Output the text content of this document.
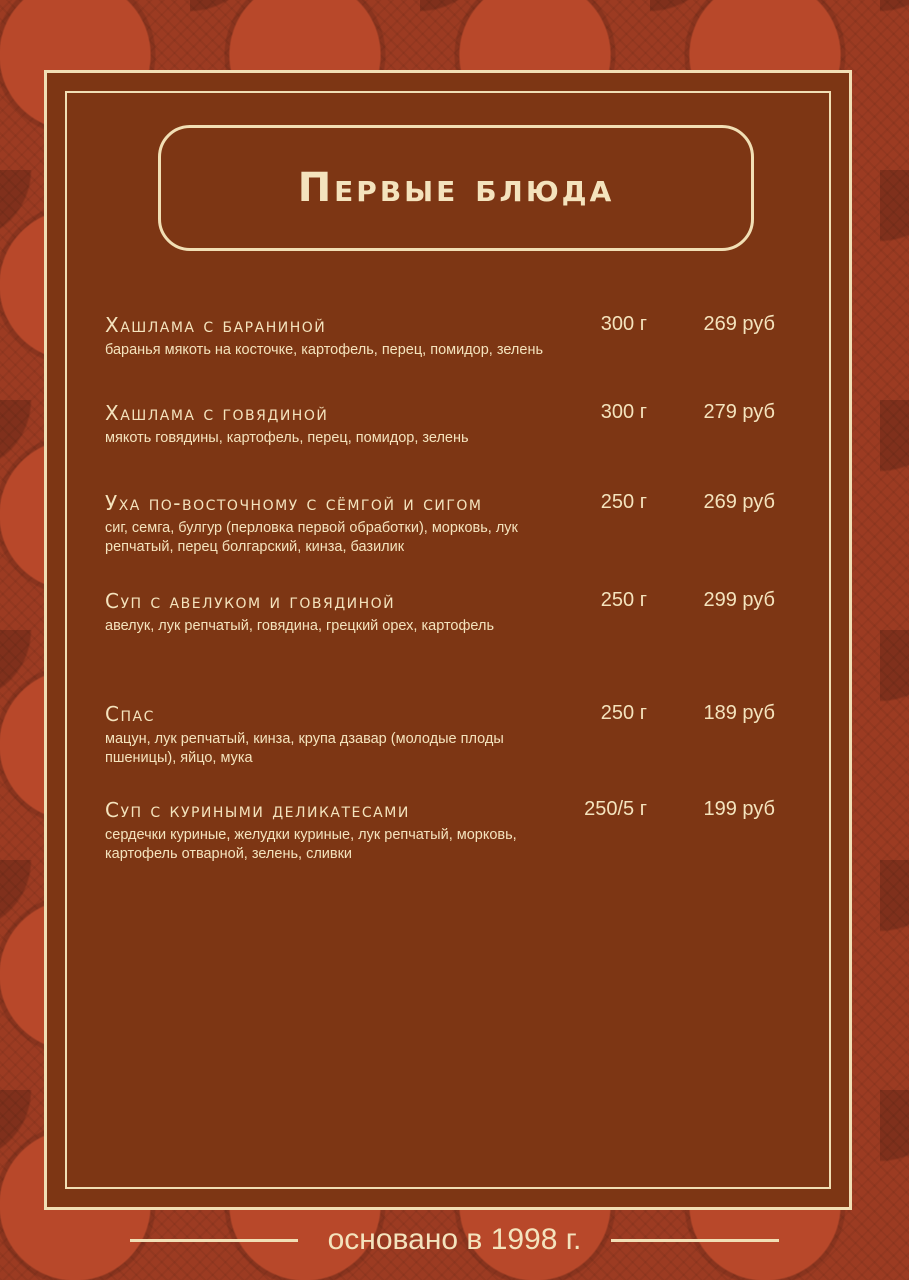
Первые блюда
Хашлама с бараниной
баранья мякоть на косточке, картофель, перец, помидор, зелень
300 г	269 руб
Хашлама с говядиной
мякоть говядины, картофель, перец, помидор, зелень
300 г	279 руб
Уха по-восточному с сёмгой и сигом
сиг, семга, булгур (перловка первой обработки), морковь, лук репчатый, перец болгарский, кинза, базилик
250 г	269 руб
Суп с авелуком и говядиной
авелук, лук репчатый, говядина, грецкий орех, картофель
250 г	299 руб
Спас
мацун, лук репчатый, кинза, крупа дзавар (молодые плоды пшеницы), яйцо, мука
250 г	189 руб
Суп с куриными деликатесами
сердечки куриные, желудки куриные, лук репчатый, морковь, картофель отварной, зелень, сливки
250/5 г	199 руб
основано в 1998 г.
